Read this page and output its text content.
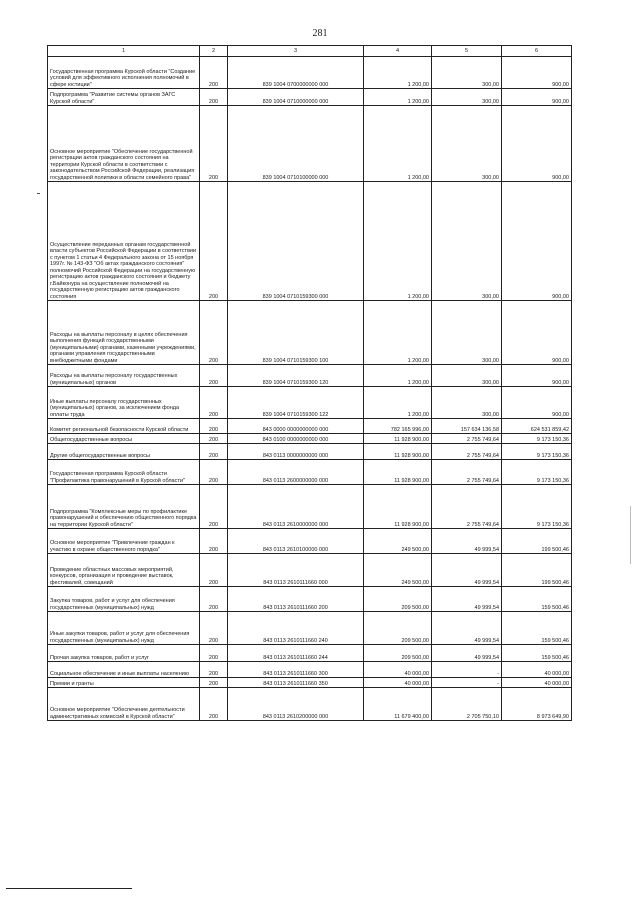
281
1	2	3	4	5	6
Государственная программа Курской области "Создание условий для эффективного исполнения полномочий в сфере юстиции"	200	839 1004 0700000000 000	1 200,00	300,00	900,00
Подпрограмма "Развитие системы органов ЗАГС Курской области"	200	839 1004 0710000000 000	1 200,00	300,00	900,00
Основное мероприятие "Обеспечение государственной регистрации актов гражданского состояния на территории Курской области в соответствии с законодательством Российской Федерации, реализация государственной политики в области семейного права"	200	839 1004 0710100000 000	1 200,00	300,00	900,00
Осуществление переданных органам государственной власти субъектов Российской Федерации в соответствии с пунктом 1 статьи 4 Федерального закона от 15 ноября 1997г. № 143-ФЗ "Об актах гражданского состояния" полномочий Российской Федерации на государственную регистрацию актов гражданского состояния и бюджету г.Байконура на осуществление полномочий на государственную регистрацию актов гражданского состояния	200	839 1004 0710159300 000	1 200,00	300,00	900,00
Расходы на выплаты персоналу в целях обеспечения выполнения функций государственными (муниципальными) органами, казенными учреждениями, органами управления государственными внебюджетными фондами	200	839 1004 0710159300 100	1 200,00	300,00	900,00
Расходы на выплаты персоналу государственных (муниципальных) органов	200	839 1004 0710159300 120	1 200,00	300,00	900,00
Иные выплаты персоналу государственных (муниципальных) органов, за исключением фонда оплаты труда	200	839 1004 0710159300 122	1 200,00	300,00	900,00
Комитет региональной безопасности Курской области	200	843 0000 0000000000 000	782 165 996,00	157 634 136,58	624 531 859,42
Общегосударственные вопросы	200	843 0100 0000000000 000	11 928 900,00	2 755 749,64	9 173 150,36
Другие общегосударственные вопросы	200	843 0113 0000000000 000	11 928 900,00	2 755 749,64	9 173 150,36
Государственная программа Курской области "Профилактика правонарушений в Курской области"	200	843 0113 2600000000 000	11 928 900,00	2 755 749,64	9 173 150,36
Подпрограмма "Комплексные меры по профилактике правонарушений и обеспечению общественного порядка на территории Курской области"	200	843 0113 2610000000 000	11 928 900,00	2 755 749,64	9 173 150,36
Основное мероприятие "Привлечение граждан к участию в охране общественного порядка"	200	843 0113 2610100000 000	249 500,00	49 999,54	199 500,46
Проведение областных массовых мероприятий, конкурсов, организация и проведение выставок, фестивалей, совещаний	200	843 0113 2610111660 000	249 500,00	49 999,54	199 500,46
Закупка товаров, работ и услуг для обеспечения государственных (муниципальных) нужд	200	843 0113 2610111660 200	209 500,00	49 999,54	159 500,46
Иные закупки товаров, работ и услуг для обеспечения государственных (муниципальных) нужд	200	843 0113 2610111660 240	209 500,00	49 999,54	159 500,46
Прочая закупка товаров, работ и услуг	200	843 0113 2610111660 244	209 500,00	49 999,54	159 500,46
Социальное обеспечение и иные выплаты населению	200	843 0113 2610111660 300	40 000,00	-	40 000,00
Премии и гранты	200	843 0113 2610111660 350	40 000,00	-	40 000,00
Основное мероприятие "Обеспечение деятельности административных комиссий в Курской области"	200	843 0113 2610200000 000	11 679 400,00	2 705 750,10	8 973 649,90
